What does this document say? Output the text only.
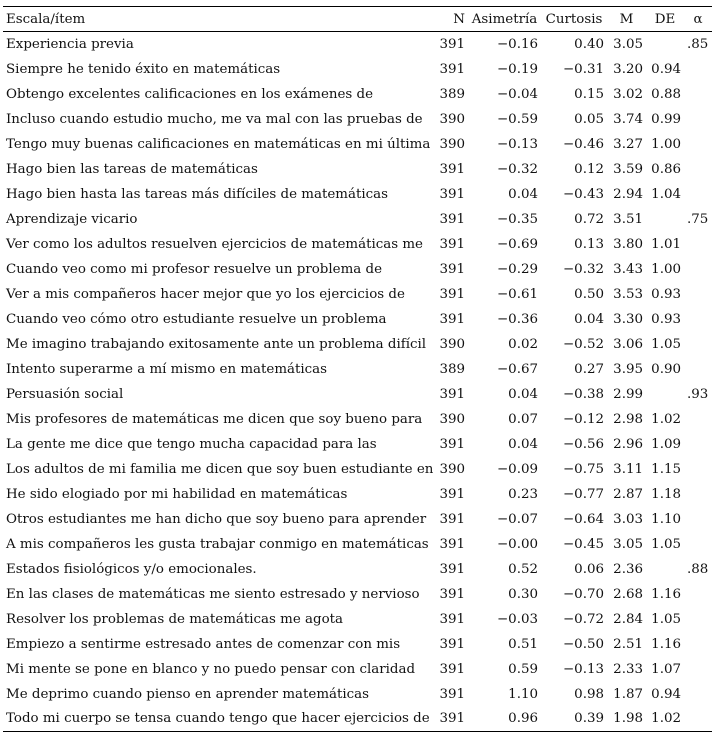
Escala/ítem	N	Asimetría	Curtosis	M	DE	α
Experiencia previa	391	−0.16	0.40	3.05		.85
Siempre he tenido éxito en matemáticas	391	−0.19	−0.31	3.20	0.94	
Obtengo excelentes calificaciones en los exámenes de	389	−0.04	0.15	3.02	0.88	
Incluso cuando estudio mucho, me va mal con las pruebas de	390	−0.59	0.05	3.74	0.99	
Tengo muy buenas calificaciones en matemáticas en mi última	390	−0.13	−0.46	3.27	1.00	
Hago bien las tareas de matemáticas	391	−0.32	0.12	3.59	0.86	
Hago bien hasta las tareas más difíciles de matemáticas	391	0.04	−0.43	2.94	1.04	
Aprendizaje vicario	391	−0.35	0.72	3.51		.75
Ver como los adultos resuelven ejercicios de matemáticas me	391	−0.69	0.13	3.80	1.01	
Cuando veo como mi profesor resuelve un problema de	391	−0.29	−0.32	3.43	1.00	
Ver a mis compañeros hacer mejor que yo los ejercicios de	391	−0.61	0.50	3.53	0.93	
Cuando veo cómo otro estudiante resuelve un problema	391	−0.36	0.04	3.30	0.93	
Me imagino trabajando exitosamente ante un problema difícil	390	0.02	−0.52	3.06	1.05	
Intento superarme a mí mismo en matemáticas	389	−0.67	0.27	3.95	0.90	
Persuasión social	391	0.04	−0.38	2.99		.93
Mis profesores de matemáticas me dicen que soy bueno para	390	0.07	−0.12	2.98	1.02	
La gente me dice que tengo mucha capacidad para las	391	0.04	−0.56	2.96	1.09	
Los adultos de mi familia me dicen que soy buen estudiante en	390	−0.09	−0.75	3.11	1.15	
He sido elogiado por mi habilidad en matemáticas	391	0.23	−0.77	2.87	1.18	
Otros estudiantes me han dicho que soy bueno para aprender	391	−0.07	−0.64	3.03	1.10	
A mis compañeros les gusta trabajar conmigo en matemáticas	391	−0.00	−0.45	3.05	1.05	
Estados fisiológicos y/o emocionales.	391	0.52	0.06	2.36		.88
En las clases de matemáticas me siento estresado y nervioso	391	0.30	−0.70	2.68	1.16	
Resolver los problemas de matemáticas me agota	391	−0.03	−0.72	2.84	1.05	
Empiezo a sentirme estresado antes de comenzar con mis	391	0.51	−0.50	2.51	1.16	
Mi mente se pone en blanco y no puedo pensar con claridad	391	0.59	−0.13	2.33	1.07	
Me deprimo cuando pienso en aprender matemáticas	391	1.10	0.98	1.87	0.94	
Todo mi cuerpo se tensa cuando tengo que hacer ejercicios de	391	0.96	0.39	1.98	1.02	
